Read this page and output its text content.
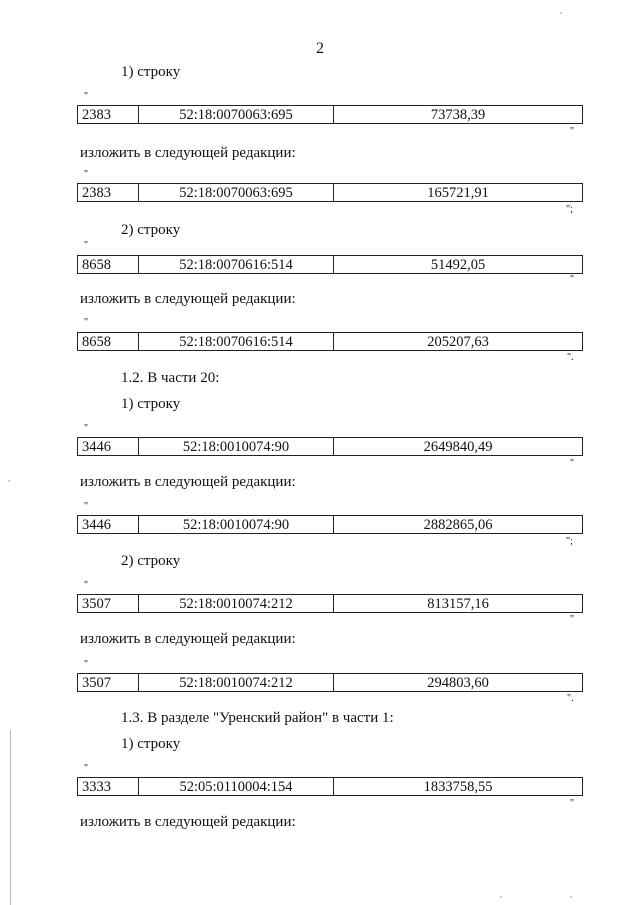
2
1) строку
"
2383	52:18:0070063:695	73738,39
"
изложить в следующей редакции:
"
2383	52:18:0070063:695	165721,91
";
2) строку
"
8658	52:18:0070616:514	51492,05
"
изложить в следующей редакции:
"
8658	52:18:0070616:514	205207,63
".
1.2. В части 20:
1) строку
"
3446	52:18:0010074:90	2649840,49
"
изложить в следующей редакции:
"
3446	52:18:0010074:90	2882865,06
";
2) строку
"
3507	52:18:0010074:212	813157,16
"
изложить в следующей редакции:
"
3507	52:18:0010074:212	294803,60
".
1.3. В разделе "Уренский район" в части 1:
1) строку
"
3333	52:05:0110004:154	1833758,55
"
изложить в следующей редакции:
